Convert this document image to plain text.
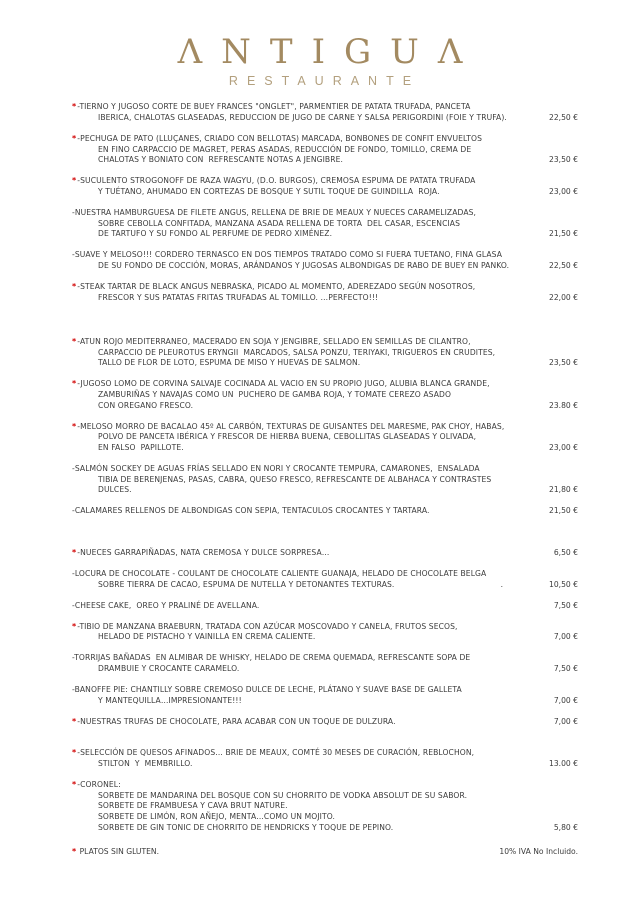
ΛNTIGUΛ
RESTAURANTE
*-TIERNO Y JUGOSO CORTE DE BUEY FRANCES "ONGLET", PARMENTIER DE PATATA TRUFADA, PANCETA
IBERICA, CHALOTAS GLASEADAS, REDUCCION DE JUGO DE CARNE Y SALSA PERIGORDINI (FOIE Y TRUFA).	22,50 €
*-PECHUGA DE PATO (LLUÇANES, CRIADO CON BELLOTAS) MARCADA, BONBONES DE CONFIT ENVUELTOS
EN FINO CARPACCIO DE MAGRET, PERAS ASADAS, REDUCCIÓN DE FONDO, TOMILLO, CREMA DE
CHALOTAS Y BONIATO CON  REFRESCANTE NOTAS A JENGIBRE.	23,50 €
*-SUCULENTO STROGONOFF DE RAZA WAGYU, (D.O. BURGOS), CREMOSA ESPUMA DE PATATA TRUFADA
Y TUÉTANO, AHUMADO EN CORTEZAS DE BOSQUE Y SUTIL TOQUE DE GUINDILLA  ROJA.	23,00 €
-NUESTRA HAMBURGUESA DE FILETE ANGUS, RELLENA DE BRIE DE MEAUX Y NUECES CARAMELIZADAS,
SOBRE CEBOLLA CONFITADA, MANZANA ASADA RELLENA DE TORTA  DEL CASAR, ESCENCIAS
DE TARTUFO Y SU FONDO AL PERFUME DE PEDRO XIMÉNEZ.	21,50 €
-SUAVE Y MELOSO!!! CORDERO TERNASCO EN DOS TIEMPOS TRATADO COMO SI FUERA TUETANO, FINA GLASA
DE SU FONDO DE COCCIÓN, MORAS, ARÁNDANOS Y JUGOSAS ALBONDIGAS DE RABO DE BUEY EN PANKO.	22,50 €
*-STEAK TARTAR DE BLACK ANGUS NEBRASKA, PICADO AL MOMENTO, ADEREZADO SEGÚN NOSOTROS,
FRESCOR Y SUS PATATAS FRITAS TRUFADAS AL TOMILLO. …PERFECTO!!!	22,00 €
*-ATUN ROJO MEDITERRANEO, MACERADO EN SOJA Y JENGIBRE, SELLADO EN SEMILLAS DE CILANTRO,
CARPACCIO DE PLEUROTUS ERYNGII  MARCADOS, SALSA PONZU, TERIYAKI, TRIGUEROS EN CRUDITES,
TALLO DE FLOR DE LOTO, ESPUMA DE MISO Y HUEVAS DE SALMON.	23,50 €
*-JUGOSO LOMO DE CORVINA SALVAJE COCINADA AL VACIO EN SU PROPIO JUGO, ALUBIA BLANCA GRANDE,
ZAMBURIÑAS Y NAVAJAS COMO UN  PUCHERO DE GAMBA ROJA, Y TOMATE CEREZO ASADO
CON OREGANO FRESCO.	23.80 €
*-MELOSO MORRO DE BACALAO 45º AL CARBÓN, TEXTURAS DE GUISANTES DEL MARESME, PAK CHOY, HABAS,
POLVO DE PANCETA IBÉRICA Y FRESCOR DE HIERBA BUENA, CEBOLLITAS GLASEADAS Y OLIVADA,
EN FALSO  PAPILLOTE.	23,00 €
-SALMÓN SOCKEY DE AGUAS FRÍAS SELLADO EN NORI Y CROCANTE TEMPURA, CAMARONES,  ENSALADA
TIBIA DE BERENJENAS, PASAS, CABRA, QUESO FRESCO, REFRESCANTE DE ALBAHACA Y CONTRASTES
DULCES.	21,80 €
-CALAMARES RELLENOS DE ALBONDIGAS CON SEPIA, TENTACULOS CROCANTES Y TARTARA.	21,50 €
*-NUECES GARRAPIÑADAS, NATA CREMOSA Y DULCE SORPRESA…	6,50 €
-LOCURA DE CHOCOLATE - COULANT DE CHOCOLATE CALIENTE GUANAJA, HELADO DE CHOCOLATE BELGA
SOBRE TIERRA DE CACAO, ESPUMA DE NUTELLA Y DETONANTES TEXTURAS.	.	10,50 €
-CHEESE CAKE,  OREO Y PRALINÉ DE AVELLANA.	7,50 €
*-TIBIO DE MANZANA BRAEBURN, TRATADA CON AZÚCAR MOSCOVADO Y CANELA, FRUTOS SECOS,
HELADO DE PISTACHO Y VAINILLA EN CREMA CALIENTE.	7,00 €
-TORRIJAS BAÑADAS  EN ALMIBAR DE WHISKY, HELADO DE CREMA QUEMADA, REFRESCANTE SOPA DE
DRAMBUIE Y CROCANTE CARAMELO.	7,50 €
-BANOFFE PIE: CHANTILLY SOBRE CREMOSO DULCE DE LECHE, PLÁTANO Y SUAVE BASE DE GALLETA
Y MANTEQUILLA…IMPRESIONANTE!!!	7,00 €
*-NUESTRAS TRUFAS DE CHOCOLATE, PARA ACABAR CON UN TOQUE DE DULZURA.	7,00 €
*-SELECCIÓN DE QUESOS AFINADOS… BRIE DE MEAUX, COMTÉ 30 MESES DE CURACIÓN, REBLOCHON,
STILTON  Y  MEMBRILLO.	13.00 €
*-CORONEL:
SORBETE DE MANDARINA DEL BOSQUE CON SU CHORRITO DE VODKA ABSOLUT DE SU SABOR.
SORBETE DE FRAMBUESA Y CAVA BRUT NATURE.
SORBETE DE LIMÓN, RON AÑEJO, MENTA…COMO UN MOJITO.
SORBETE DE GIN TONIC DE CHORRITO DE HENDRICKS Y TOQUE DE PEPINO.	5,80 €
* PLATOS SIN GLUTEN.	10% IVA No Incluido.
